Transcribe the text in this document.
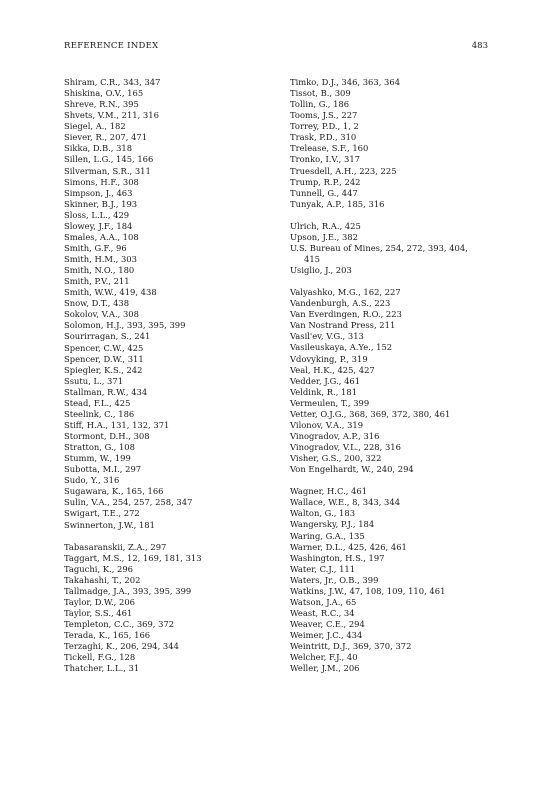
REFERENCE INDEX	483
Shiram, C.R., 343, 347
Shiskina, O.V., 165
Shreve, R.N., 395
Shvets, V.M., 211, 316
Siegel, A., 182
Siever, R., 207, 471
Sikka, D.B., 318
Sillen, L.G., 145, 166
Silverman, S.R., 311
Simons, H.F., 308
Simpson, J., 463
Skinner, B.J., 193
Sloss, L.L., 429
Slowey, J.F., 184
Smales, A.A., 108
Smith, G.F., 96
Smith, H.M., 303
Smith, N.O., 180
Smith, P.V., 211
Smith, W.W., 419, 438
Snow, D.T., 438
Sokolov, V.A., 308
Solomon, H.J., 393, 395, 399
Sourirragan, S., 241
Spencer, C.W., 425
Spencer, D.W., 311
Spiegler, K.S., 242
Ssutu, L., 371
Stallman, R.W., 434
Stead, F.L., 425
Steelink, C., 186
Stiff, H.A., 131, 132, 371
Stormont, D.H., 308
Stratton, G., 108
Stumm, W., 199
Subotta, M.I., 297
Sudo, Y., 316
Sugawara, K., 165, 166
Sulin, V.A., 254, 257, 258, 347
Swigart, T.E., 272
Swinnerton, J.W., 181
Tabasaranskii, Z.A., 297
Taggart, M.S., 12, 169, 181, 313
Taguchi, K., 296
Takahashi, T., 202
Tallmadge, J.A., 393, 395, 399
Taylor, D.W., 206
Taylor, S.S., 461
Templeton, C.C., 369, 372
Terada, K., 165, 166
Terzaghi, K., 206, 294, 344
Tickell, F.G., 128
Thatcher, L.L., 31
Timko, D.J., 346, 363, 364
Tissot, B., 309
Tollin, G., 186
Tooms, J.S., 227
Torrey, P.D., 1, 2
Trask, P.D., 310
Trelease, S.F., 160
Tronko, I.V., 317
Truesdell, A.H., 223, 225
Trump, R.P., 242
Tunnell, G., 447
Tunyak, A.P., 185, 316
Ulrich, R.A., 425
Upson, J.E., 382
U.S. Bureau of Mines, 254, 272, 393, 404,
415
Usiglio, J., 203
Valyashko, M.G., 162, 227
Vandenburgh, A.S., 223
Van Everdingen, R.O., 223
Van Nostrand Press, 211
Vasil'ev, V.G., 313
Vasileuskaya, A.Ye., 152
Vdovyking, P., 319
Veal, H.K., 425, 427
Vedder, J.G., 461
Veldink, R., 181
Vermeulen, T., 399
Vetter, O.J.G., 368, 369, 372, 380, 461
Vilonov, V.A., 319
Vinogradov, A.P., 316
Vinogradov, V.L., 228, 316
Visher, G.S., 200, 322
Von Engelhardt, W., 240, 294
Wagner, H.C., 461
Wallace, W.E., 8, 343, 344
Walton, G., 183
Wangersky, P.J., 184
Waring, G.A., 135
Warner, D.L., 425, 426, 461
Washington, H.S., 197
Water, C.J., 111
Waters, Jr., O.B., 399
Watkins, J.W., 47, 108, 109, 110, 461
Watson, J.A., 65
Weast, R.C., 34
Weaver, C.E., 294
Weimer, J.C., 434
Weintritt, D.J., 369, 370, 372
Welcher, F.J., 40
Weller, J.M., 206
